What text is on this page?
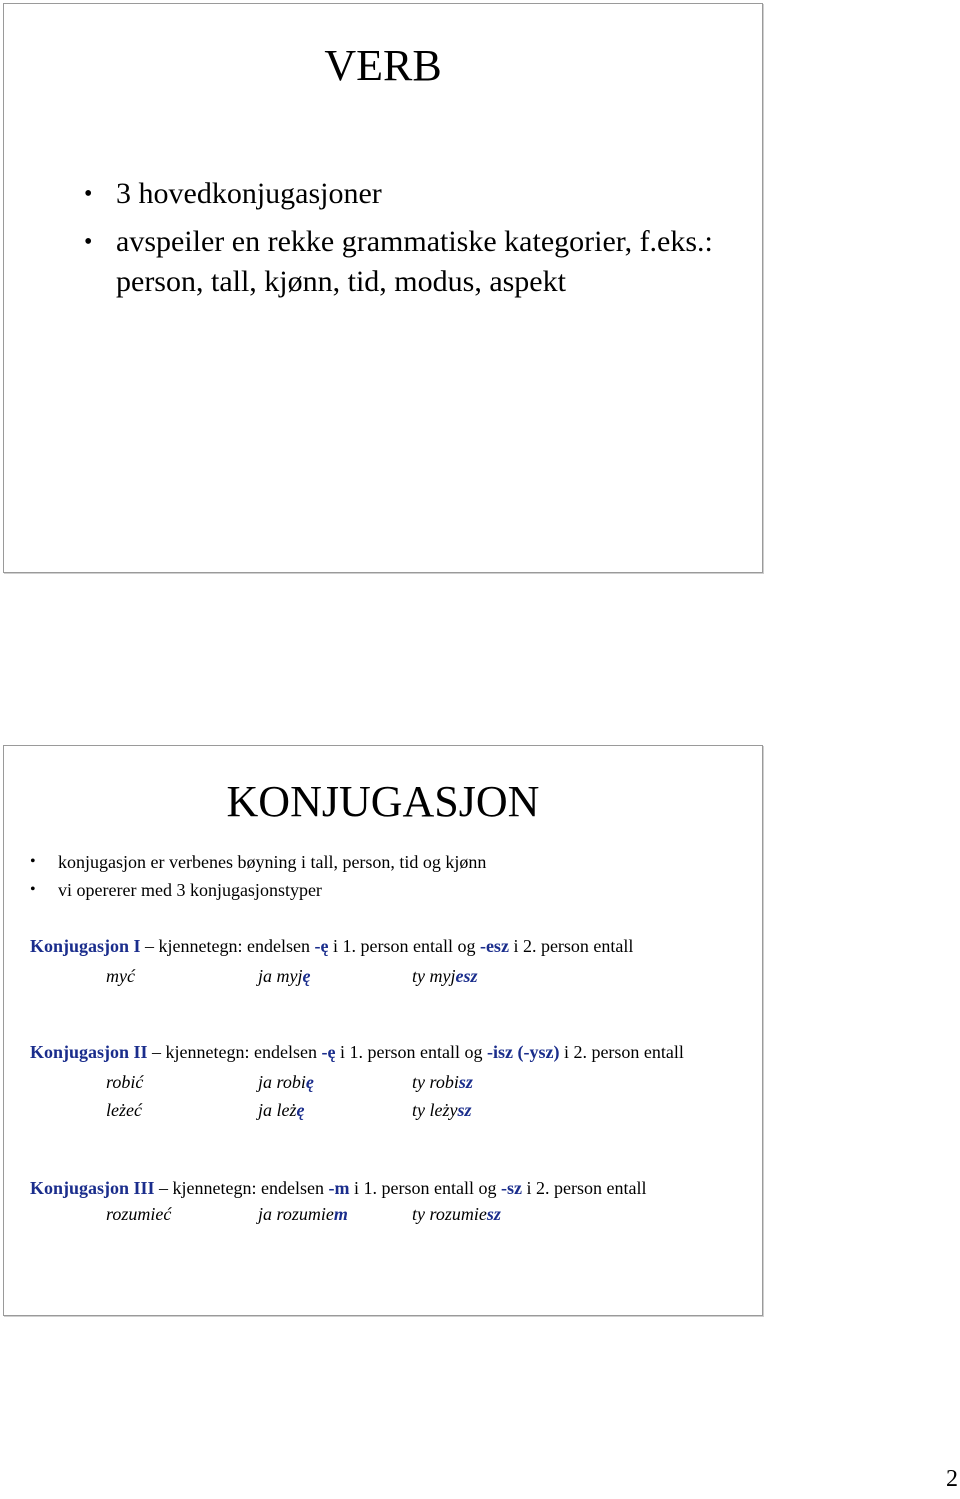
VERB
• 3 hovedkonjugasjoner
• avspeiler en rekke grammatiske kategorier, f.eks.: person, tall, kjønn, tid, modus, aspekt
KONJUGASJON
• konjugasjon er verbenes bøyning i tall, person, tid og kjønn
• vi opererer med 3 konjugasjonstyper
Konjugasjon I – kjennetegn: endelsen -ę i 1. person entall og -esz i 2. person entall
myć	ja myję	ty myjesz
Konjugasjon II – kjennetegn: endelsen -ę i 1. person entall og -isz (-ysz) i 2. person entall
robić	ja robię	ty robisz
leżeć	ja leżę	ty leżysz
Konjugasjon III – kjennetegn: endelsen -m i 1. person entall og -sz i 2. person entall
rozumieć	ja rozumiem	ty rozumiesz
2
